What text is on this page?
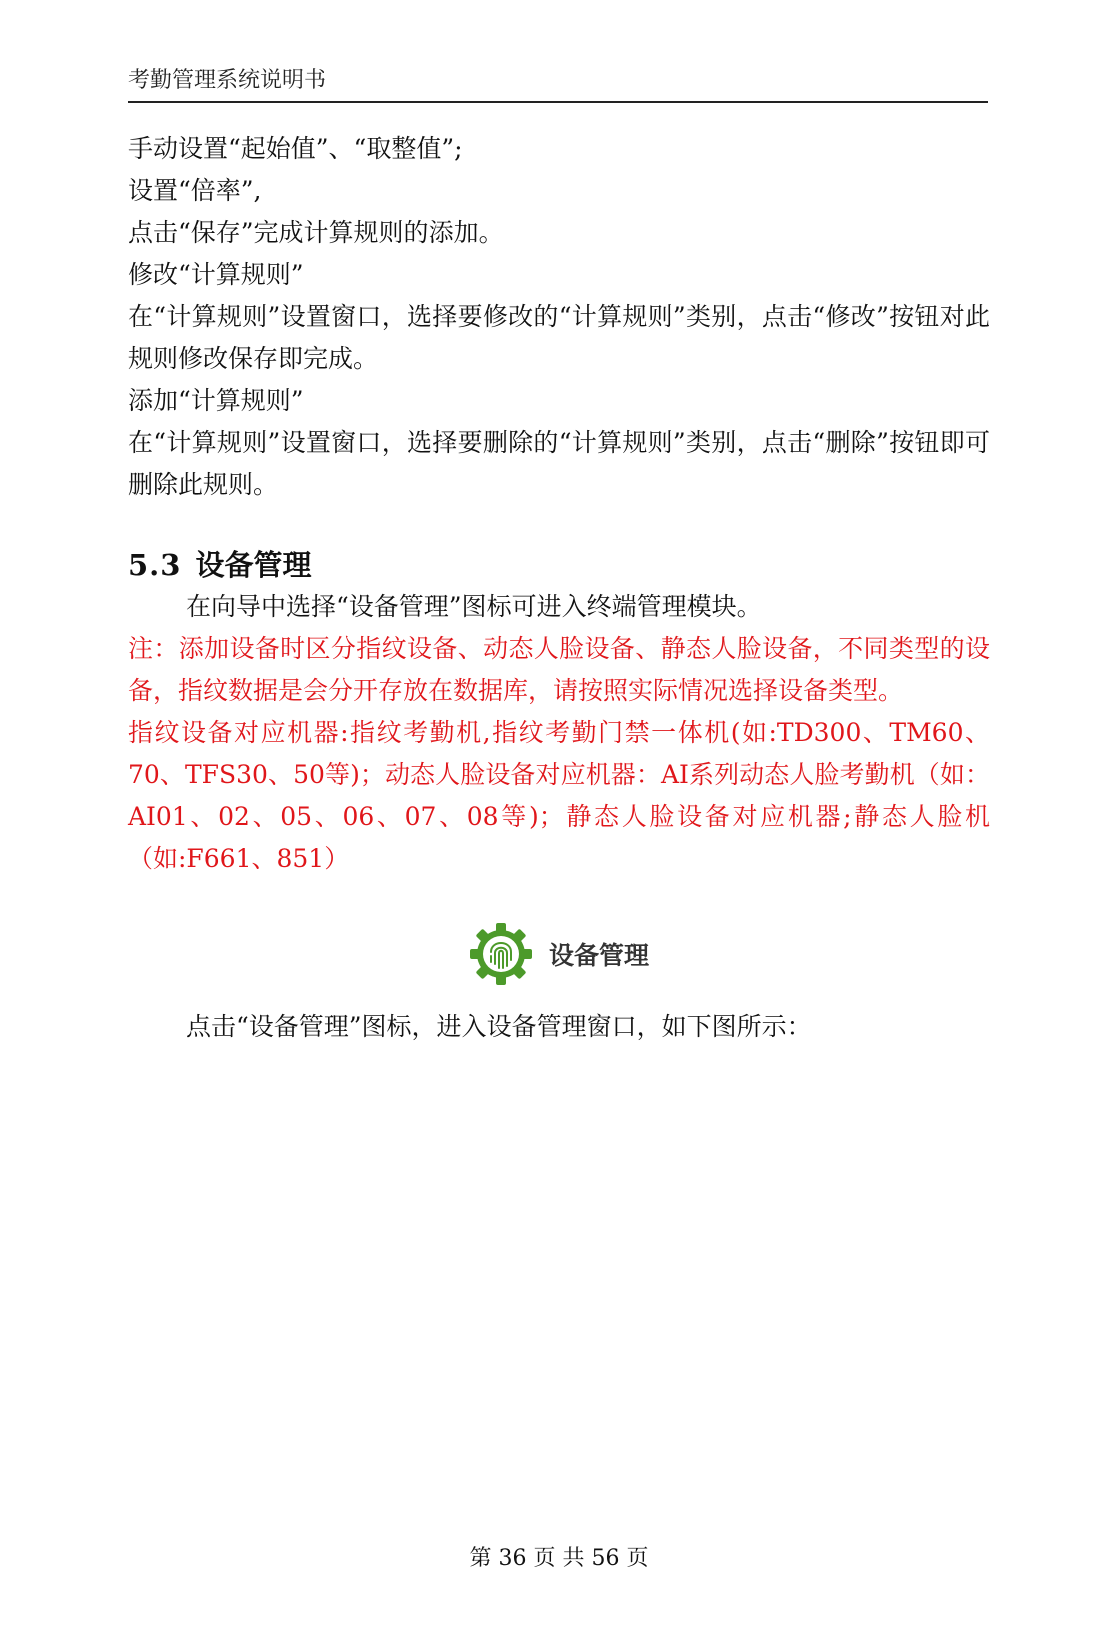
考勤管理系统说明书

手动设置“起始值”、“取整值”;

设置“倍率”,

点击“保存”完成计算规则的添加。

修改“计算规则”

在“计算规则”设置窗口，选择要修改的“计算规则”类别，点击“修改”按钮对此规则修改保存即完成。

添加“计算规则”

在“计算规则”设置窗口，选择要删除的“计算规则”类别，点击“删除”按钮即可删除此规则。

5.3 设备管理

在向导中选择“设备管理”图标可进入终端管理模块。

注：添加设备时区分指纹设备、动态人脸设备、静态人脸设备，不同类型的设备，指纹数据是会分开存放在数据库，请按照实际情况选择设备类型。

指纹设备对应机器:指纹考勤机,指纹考勤门禁一体机(如:TD300、TM60、70、TFS30、50等)；动态人脸设备对应机器：AI系列动态人脸考勤机（如：AI01、02、05、06、07、08等)；静态人脸设备对应机器;静态人脸机（如:F661、851）

设备管理

点击“设备管理”图标，进入设备管理窗口，如下图所示：

第 36 页 共 56 页
